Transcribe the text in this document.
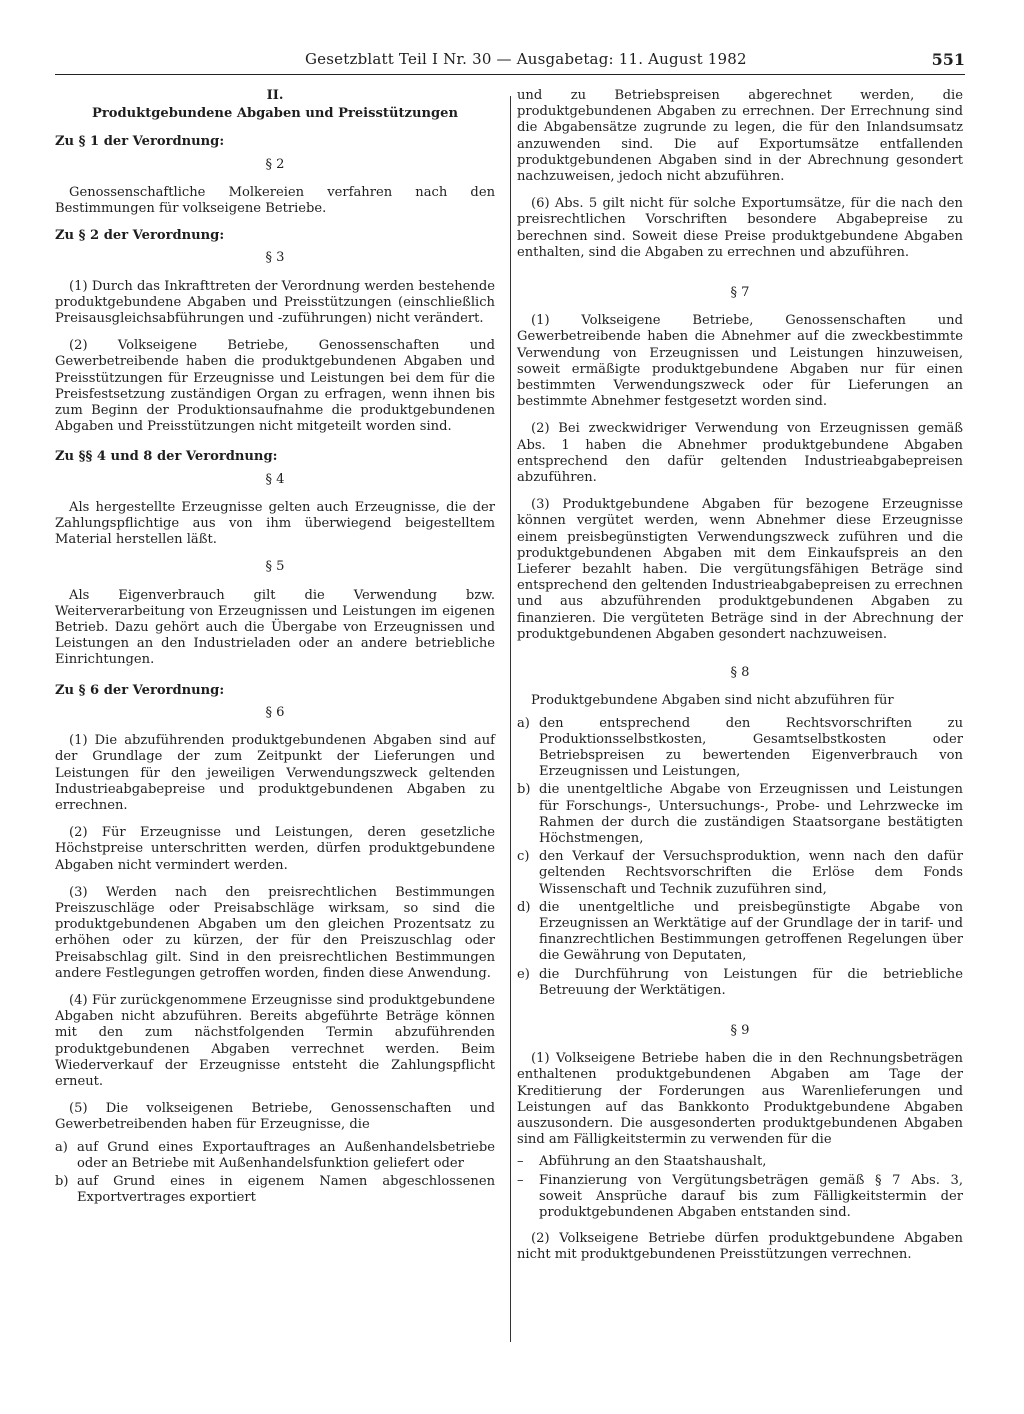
Gesetzblatt Teil I Nr. 30 — Ausgabetag: 11. August 1982	551

II.

Produktgebundene Abgaben und Preisstützungen

Zu § 1 der Verordnung:

§ 2

Genossenschaftliche Molkereien verfahren nach den Bestimmungen für volkseigene Betriebe.

Zu § 2 der Verordnung:

§ 3

(1) Durch das Inkrafttreten der Verordnung werden bestehende produktgebundene Abgaben und Preisstützungen (einschließlich Preisausgleichsabführungen und -zuführungen) nicht verändert.

(2) Volkseigene Betriebe, Genossenschaften und Gewerbetreibende haben die produktgebundenen Abgaben und Preisstützungen für Erzeugnisse und Leistungen bei dem für die Preisfestsetzung zuständigen Organ zu erfragen, wenn ihnen bis zum Beginn der Produktionsaufnahme die produktgebundenen Abgaben und Preisstützungen nicht mitgeteilt worden sind.

Zu §§ 4 und 8 der Verordnung:

§ 4

Als hergestellte Erzeugnisse gelten auch Erzeugnisse, die der Zahlungspflichtige aus von ihm überwiegend beigestelltem Material herstellen läßt.

§ 5

Als Eigenverbrauch gilt die Verwendung bzw. Weiterverarbeitung von Erzeugnissen und Leistungen im eigenen Betrieb. Dazu gehört auch die Übergabe von Erzeugnissen und Leistungen an den Industrieladen oder an andere betriebliche Einrichtungen.

Zu § 6 der Verordnung:

§ 6

(1) Die abzuführenden produktgebundenen Abgaben sind auf der Grundlage der zum Zeitpunkt der Lieferungen und Leistungen für den jeweiligen Verwendungszweck geltenden Industrieabgabepreise und produktgebundenen Abgaben zu errechnen.

(2) Für Erzeugnisse und Leistungen, deren gesetzliche Höchstpreise unterschritten werden, dürfen produktgebundene Abgaben nicht vermindert werden.

(3) Werden nach den preisrechtlichen Bestimmungen Preiszuschläge oder Preisabschläge wirksam, so sind die produktgebundenen Abgaben um den gleichen Prozentsatz zu erhöhen oder zu kürzen, der für den Preiszuschlag oder Preisabschlag gilt. Sind in den preisrechtlichen Bestimmungen andere Festlegungen getroffen worden, finden diese Anwendung.

(4) Für zurückgenommene Erzeugnisse sind produktgebundene Abgaben nicht abzuführen. Bereits abgeführte Beträge können mit den zum nächstfolgenden Termin abzuführenden produktgebundenen Abgaben verrechnet werden. Beim Wiederverkauf der Erzeugnisse entsteht die Zahlungspflicht erneut.

(5) Die volkseigenen Betriebe, Genossenschaften und Gewerbetreibenden haben für Erzeugnisse, die

a) auf Grund eines Exportauftrages an Außenhandelsbetriebe oder an Betriebe mit Außenhandelsfunktion geliefert oder
b) auf Grund eines in eigenem Namen abgeschlossenen Exportvertrages exportiert

und zu Betriebspreisen abgerechnet werden, die produktgebundenen Abgaben zu errechnen. Der Errechnung sind die Abgabensätze zugrunde zu legen, die für den Inlandsumsatz anzuwenden sind. Die auf Exportumsätze entfallenden produktgebundenen Abgaben sind in der Abrechnung gesondert nachzuweisen, jedoch nicht abzuführen.

(6) Abs. 5 gilt nicht für solche Exportumsätze, für die nach den preisrechtlichen Vorschriften besondere Abgabepreise zu berechnen sind. Soweit diese Preise produktgebundene Abgaben enthalten, sind die Abgaben zu errechnen und abzuführen.

§ 7

(1) Volkseigene Betriebe, Genossenschaften und Gewerbetreibende haben die Abnehmer auf die zweckbestimmte Verwendung von Erzeugnissen und Leistungen hinzuweisen, soweit ermäßigte produktgebundene Abgaben nur für einen bestimmten Verwendungszweck oder für Lieferungen an bestimmte Abnehmer festgesetzt worden sind.

(2) Bei zweckwidriger Verwendung von Erzeugnissen gemäß Abs. 1 haben die Abnehmer produktgebundene Abgaben entsprechend den dafür geltenden Industrieabgabepreisen abzuführen.

(3) Produktgebundene Abgaben für bezogene Erzeugnisse können vergütet werden, wenn Abnehmer diese Erzeugnisse einem preisbegünstigten Verwendungszweck zuführen und die produktgebundenen Abgaben mit dem Einkaufspreis an den Lieferer bezahlt haben. Die vergütungsfähigen Beträge sind entsprechend den geltenden Industrieabgabepreisen zu errechnen und aus abzuführenden produktgebundenen Abgaben zu finanzieren. Die vergüteten Beträge sind in der Abrechnung der produktgebundenen Abgaben gesondert nachzuweisen.

§ 8

Produktgebundene Abgaben sind nicht abzuführen für

a) den entsprechend den Rechtsvorschriften zu Produktionsselbstkosten, Gesamtselbstkosten oder Betriebspreisen zu bewertenden Eigenverbrauch von Erzeugnissen und Leistungen,
b) die unentgeltliche Abgabe von Erzeugnissen und Leistungen für Forschungs-, Untersuchungs-, Probe- und Lehrzwecke im Rahmen der durch die zuständigen Staatsorgane bestätigten Höchstmengen,
c) den Verkauf der Versuchsproduktion, wenn nach den dafür geltenden Rechtsvorschriften die Erlöse dem Fonds Wissenschaft und Technik zuzuführen sind,
d) die unentgeltliche und preisbegünstigte Abgabe von Erzeugnissen an Werktätige auf der Grundlage der in tarif- und finanzrechtlichen Bestimmungen getroffenen Regelungen über die Gewährung von Deputaten,
e) die Durchführung von Leistungen für die betriebliche Betreuung der Werktätigen.

§ 9

(1) Volkseigene Betriebe haben die in den Rechnungsbeträgen enthaltenen produktgebundenen Abgaben am Tage der Kreditierung der Forderungen aus Warenlieferungen und Leistungen auf das Bankkonto Produktgebundene Abgaben auszusondern. Die ausgesonderten produktgebundenen Abgaben sind am Fälligkeitstermin zu verwenden für die

–	Abführung an den Staatshaushalt,
–	Finanzierung von Vergütungsbeträgen gemäß § 7 Abs. 3, soweit Ansprüche darauf bis zum Fälligkeitstermin der produktgebundenen Abgaben entstanden sind.

(2) Volkseigene Betriebe dürfen produktgebundene Abgaben nicht mit produktgebundenen Preisstützungen verrechnen.
